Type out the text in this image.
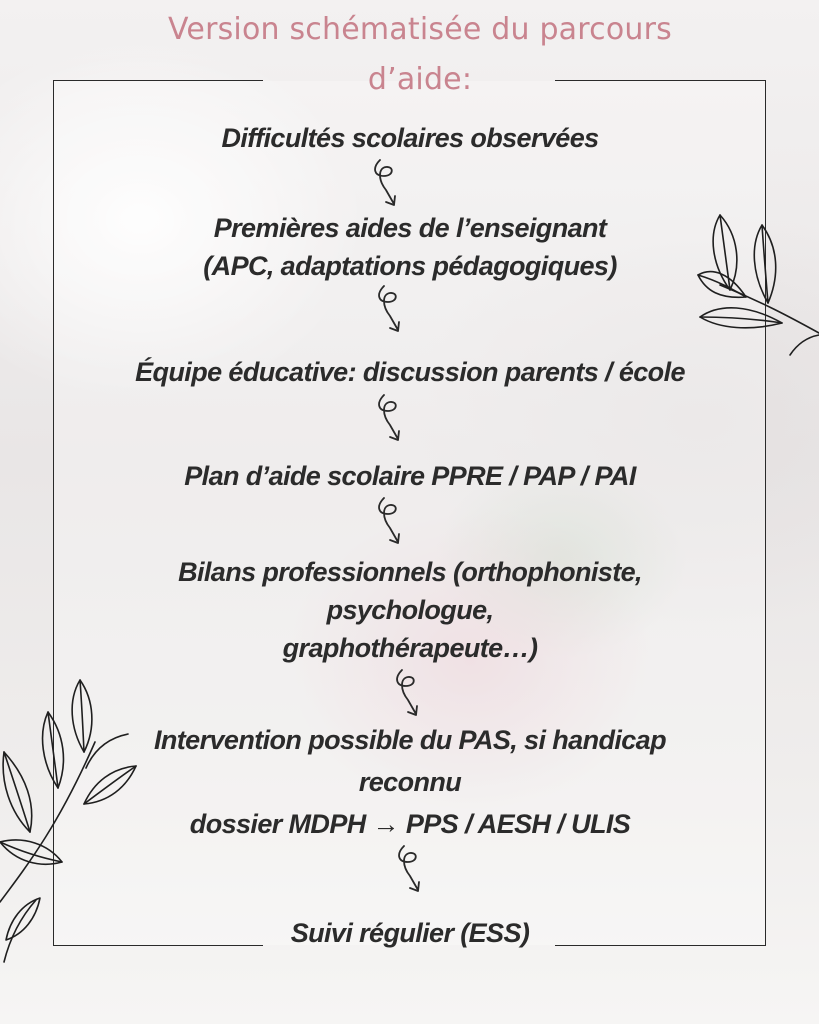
Version schématisée du parcours
d’aide:

Difficultés scolaires observées

Premières aides de l’enseignant
(APC, adaptations pédagogiques)

Équipe éducative: discussion parents / école

Plan d’aide scolaire PPRE / PAP / PAI

Bilans professionnels (orthophoniste,
psychologue,
graphothérapeute…)

Intervention possible du PAS, si handicap
reconnu
dossier MDPH → PPS / AESH / ULIS

Suivi régulier (ESS)
